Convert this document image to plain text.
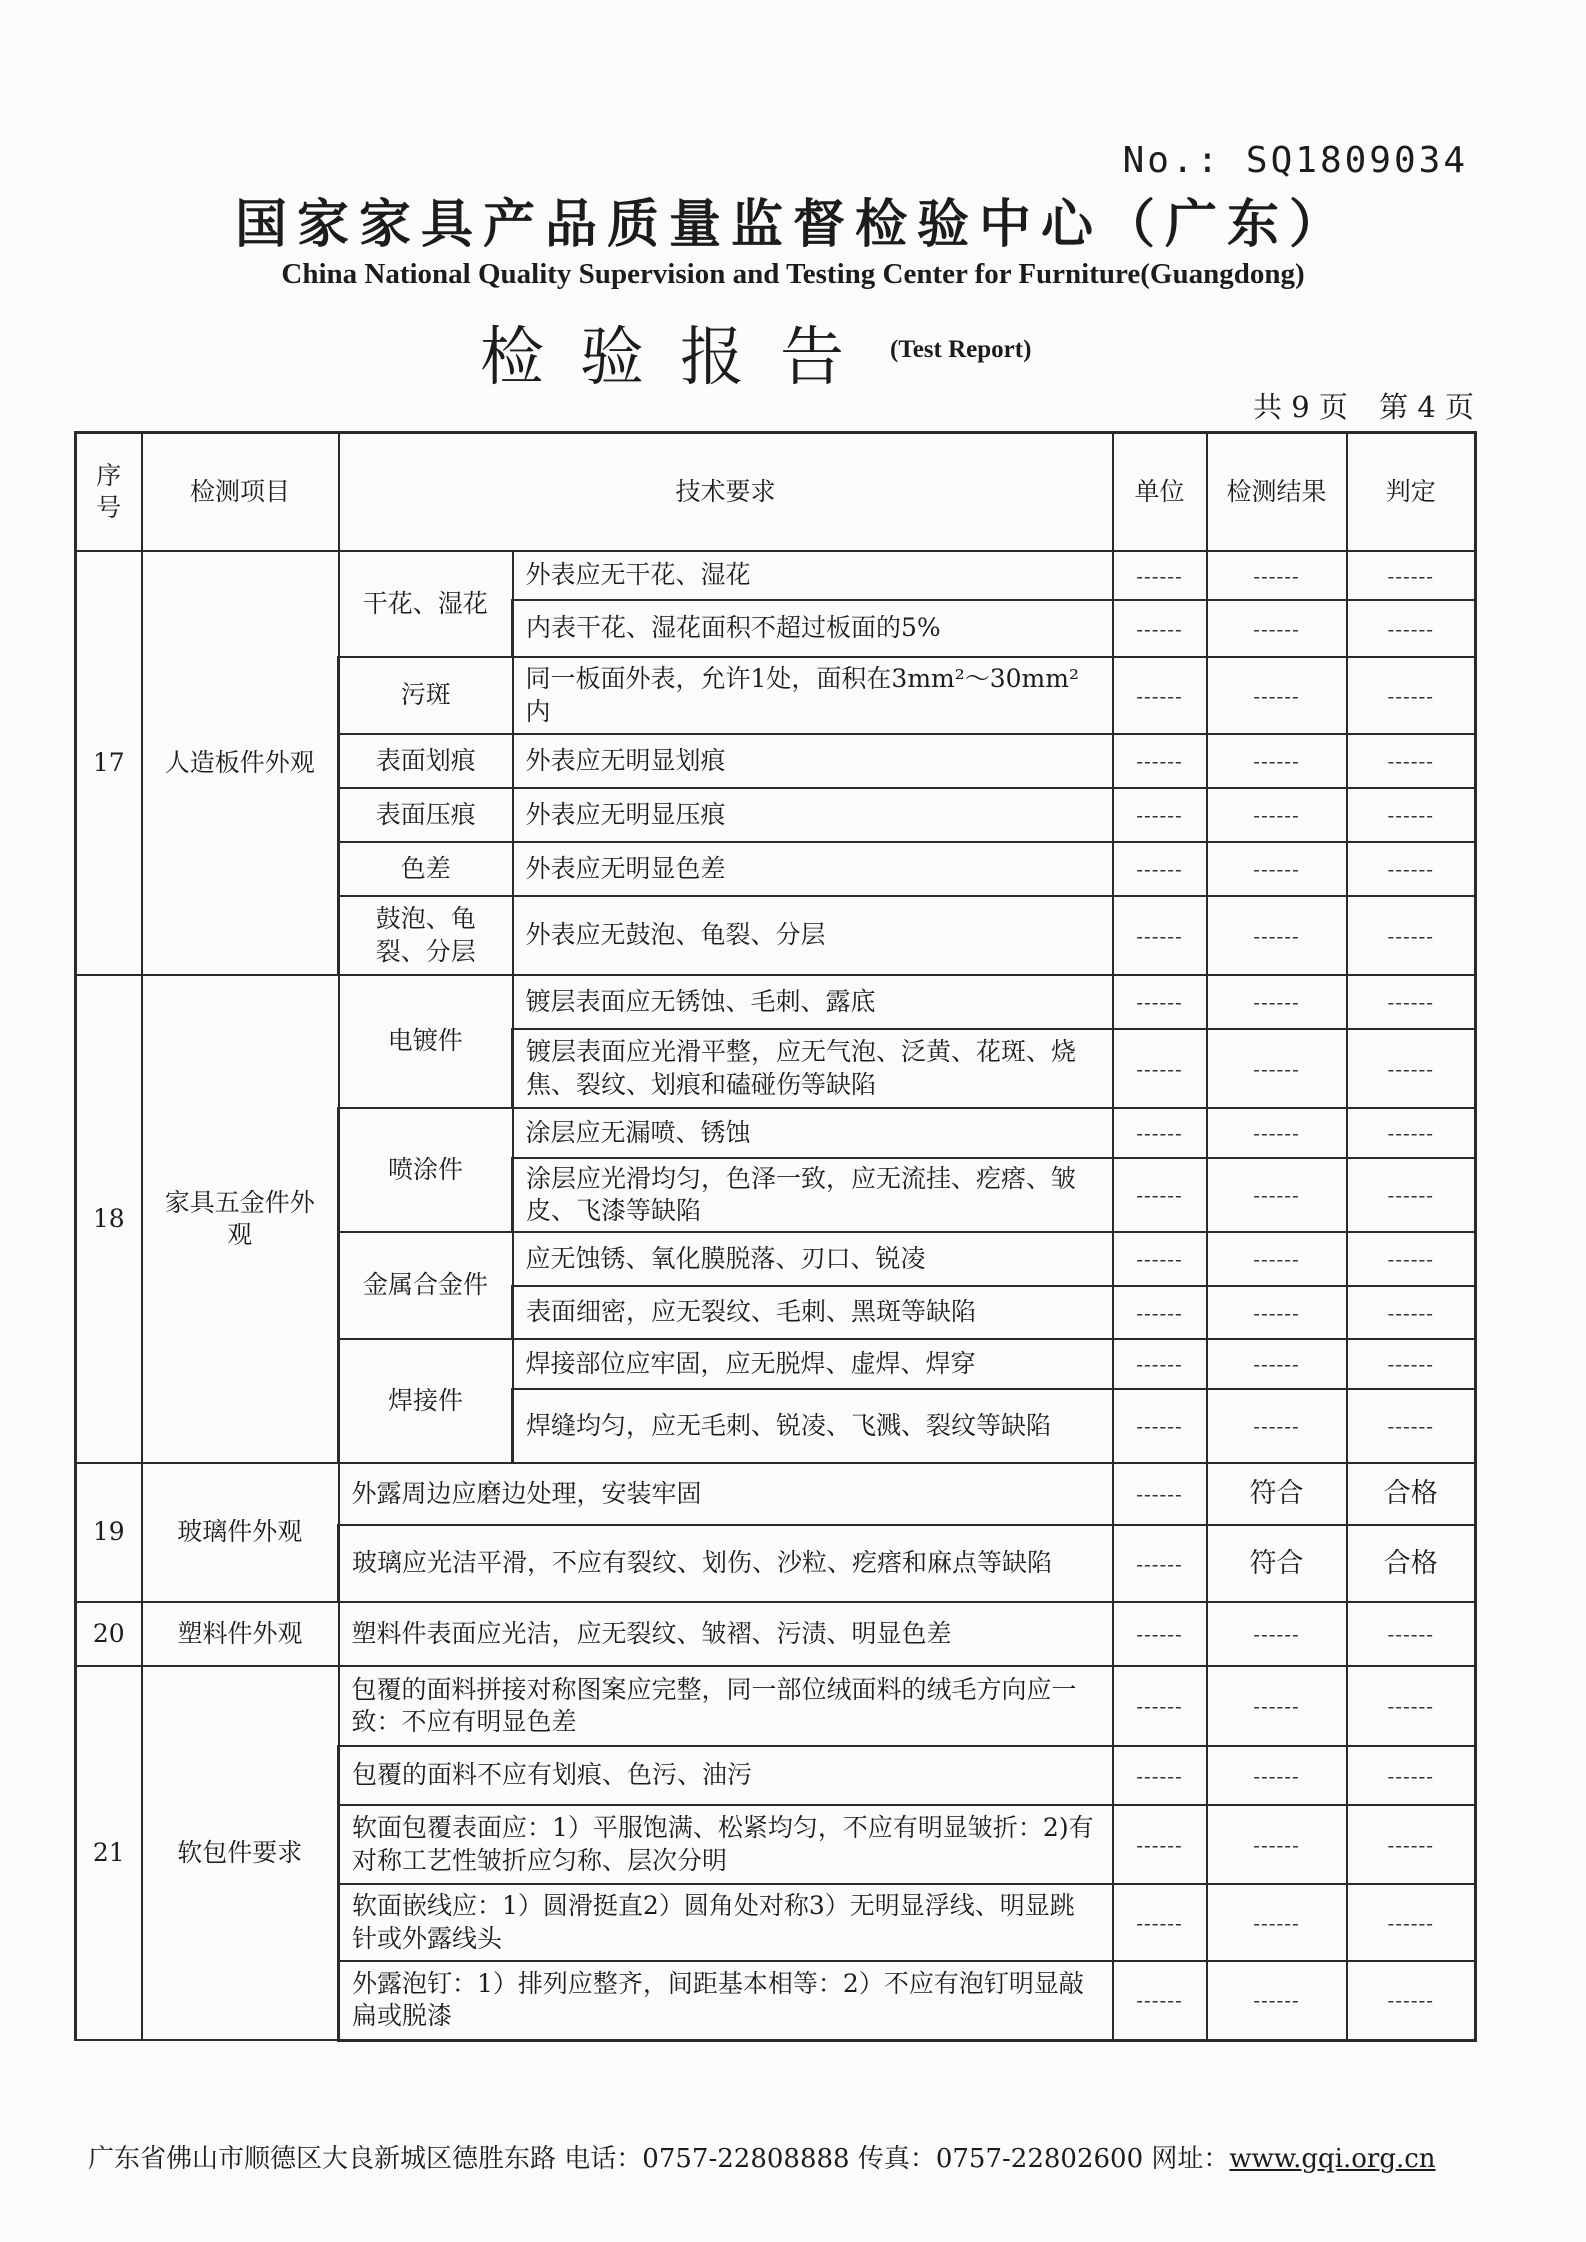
No.: SQ1809034
国家家具产品质量监督检验中心（广东）
China National Quality Supervision and Testing Center for Furniture(Guangdong)
检验报告 (Test Report)
共 9 页 第 4 页
序号	检测项目	技术要求		单位	检测结果	判定
17	人造板件外观	干花、湿花	外表应无干花、湿花	------	------	------
			内表干花、湿花面积不超过板面的5%	------	------	------
		污斑	同一板面外表，允许1处，面积在3mm²～30mm²内	------	------	------
		表面划痕	外表应无明显划痕	------	------	------
		表面压痕	外表应无明显压痕	------	------	------
		色差	外表应无明显色差	------	------	------
		鼓泡、龟裂、分层	外表应无鼓泡、龟裂、分层	------	------	------

18	家具五金件外观	电镀件	镀层表面应无锈蚀、毛刺、露底	------	------	------
			镀层表面应光滑平整，应无气泡、泛黄、花斑、烧焦、裂纹、划痕和磕碰伤等缺陷	------	------	------
		喷涂件	涂层应无漏喷、锈蚀	------	------	------
			涂层应光滑均匀，色泽一致，应无流挂、疙瘩、皱皮、飞漆等缺陷	------	------	------
		金属合金件	应无蚀锈、氧化膜脱落、刃口、锐凌	------	------	------
			表面细密，应无裂纹、毛刺、黑斑等缺陷	------	------	------
		焊接件	焊接部位应牢固，应无脱焊、虚焊、焊穿	------	------	------
			焊缝均匀，应无毛刺、锐凌、飞溅、裂纹等缺陷	------	------	------
19	玻璃件外观	外露周边应磨边处理，安装牢固		------	符合	合格
		玻璃应光洁平滑，不应有裂纹、划伤、沙粒、疙瘩和麻点等缺陷		------	符合	合格
20	塑料件外观	塑料件表面应光洁，应无裂纹、皱褶、污渍、明显色差		------	------	------
21	软包件要求	包覆的面料拼接对称图案应完整，同一部位绒面料的绒毛方向应一致：不应有明显色差		------	------	------
		包覆的面料不应有划痕、色污、油污		------	------	------
		软面包覆表面应：1）平服饱满、松紧均匀，不应有明显皱折：2)有对称工艺性皱折应匀称、层次分明		------	------	------
		软面嵌线应：1）圆滑挺直2）圆角处对称3）无明显浮线、明显跳针或外露线头		------	------	------
		外露泡钉：1）排列应整齐，间距基本相等：2）不应有泡钉明显敲扁或脱漆		------	------	------
广东省佛山市顺德区大良新城区德胜东路 电话：0757-22808888 传真：0757-22802600 网址：www.gqi.org.cn
